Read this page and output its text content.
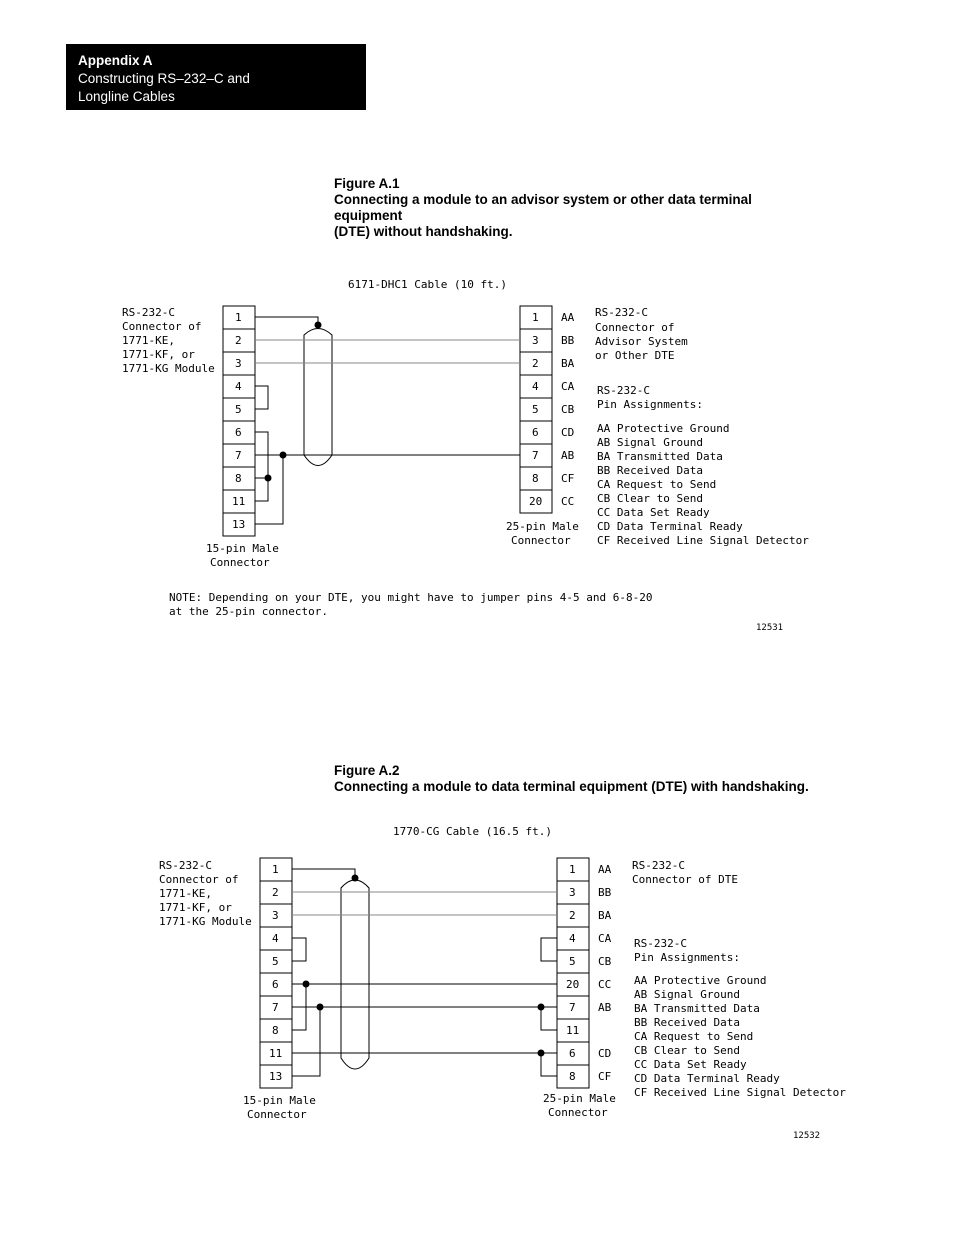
Appendix A
Constructing RS–232–C and
Longline Cables
Figure A.1
Connecting a module to an advisor system or other data terminal equipment
(DTE) without handshaking.
6171-DHC1 Cable (10 ft.)
RS-232-C
Connector of
1771-KE,
1771-KF, or
1771-KG Module
1
2
3
4
5
6
7
8
11
13
15-pin Male
Connector
1
3
2
4
5
6
7
8
20
AA
BB
BA
CA
CB
CD
AB
CF
CC
25-pin Male
Connector
RS-232-C
Connector of
Advisor System
or Other DTE
RS-232-C
Pin Assignments:
AA Protective Ground
AB Signal Ground
BA Transmitted Data
BB Received Data
CA Request to Send
CB Clear to Send
CC Data Set Ready
CD Data Terminal Ready
CF Received Line Signal Detector
NOTE: Depending on your DTE, you might have to jumper pins 4-5 and 6-8-20
at the 25-pin connector.
12531
Figure A.2
Connecting a module to data terminal equipment (DTE) with handshaking.
1770-CG Cable (16.5 ft.)
RS-232-C
Connector of
1771-KE,
1771-KF, or
1771-KG Module
1
2
3
4
5
6
7
8
11
13
15-pin Male
Connector
1
3
2
4
5
20
7
11
6
8
AA
BB
BA
CA
CB
CC
AB
CD
CF
25-pin Male
Connector
RS-232-C
Connector of DTE
RS-232-C
Pin Assignments:
AA Protective Ground
AB Signal Ground
BA Transmitted Data
BB Received Data
CA Request to Send
CB Clear to Send
CC Data Set Ready
CD Data Terminal Ready
CF Received Line Signal Detector
12532
